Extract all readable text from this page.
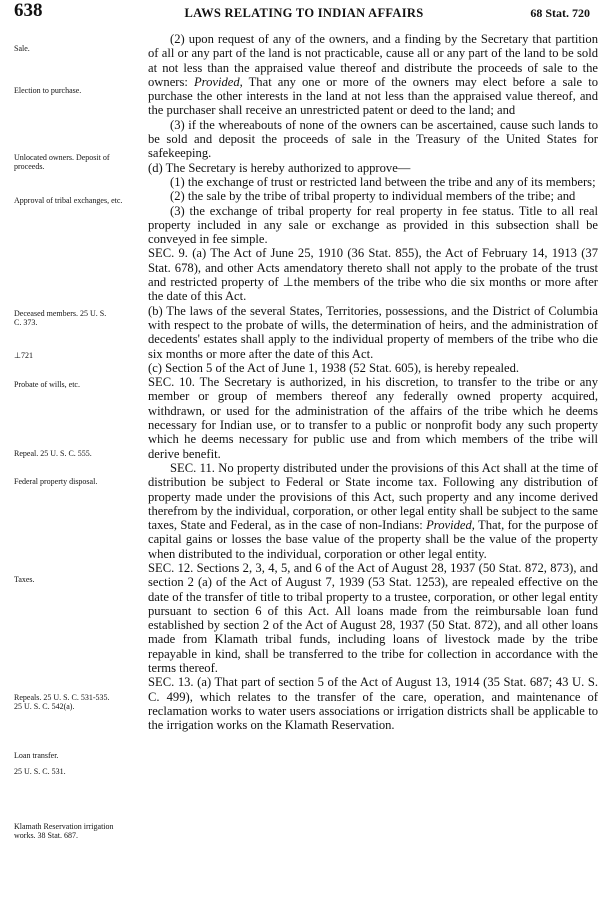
638	LAWS RELATING TO INDIAN AFFAIRS	68 Stat. 720
Sale.
Election to purchase.
Unlocated owners. Deposit of proceeds.
Approval of tribal exchanges, etc.
Deceased members. 25 U. S. C. 373.
⊥721
Probate of wills, etc.
Repeal. 25 U. S. C. 555.
Federal property disposal.
Taxes.
Repeals. 25 U. S. C. 531-535. 25 U. S. C. 542(a).
Loan transfer.
25 U. S. C. 531.
Klamath Reservation irrigation works. 38 Stat. 687.

(2) upon request of any of the owners, and a finding by the Secretary that partition of all or any part of the land is not practicable, cause all or any part of the land to be sold at not less than the appraised value thereof and distribute the proceeds of sale to the owners: Provided, That any one or more of the owners may elect before a sale to purchase the other interests in the land at not less than the appraised value thereof, and the purchaser shall receive an unrestricted patent or deed to the land; and

(3) if the whereabouts of none of the owners can be ascertained, cause such lands to be sold and deposit the proceeds of sale in the Treasury of the United States for safekeeping.

(d) The Secretary is hereby authorized to approve—

(1) the exchange of trust or restricted land between the tribe and any of its members;

(2) the sale by the tribe of tribal property to individual members of the tribe; and

(3) the exchange of tribal property for real property in fee status. Title to all real property included in any sale or exchange as provided in this subsection shall be conveyed in fee simple.

SEC. 9. (a) The Act of June 25, 1910 (36 Stat. 855), the Act of February 14, 1913 (37 Stat. 678), and other Acts amendatory thereto shall not apply to the probate of the trust and restricted property of ⊥the members of the tribe who die six months or more after the date of this Act.

(b) The laws of the several States, Territories, possessions, and the District of Columbia with respect to the probate of wills, the determination of heirs, and the administration of decedents' estates shall apply to the individual property of members of the tribe who die six months or more after the date of this Act.

(c) Section 5 of the Act of June 1, 1938 (52 Stat. 605), is hereby repealed.

SEC. 10. The Secretary is authorized, in his discretion, to transfer to the tribe or any member or group of members thereof any federally owned property acquired, withdrawn, or used for the administration of the affairs of the tribe which he deems necessary for Indian use, or to transfer to a public or nonprofit body any such property which he deems necessary for public use and from which members of the tribe will derive benefit.

SEC. 11. No property distributed under the provisions of this Act shall at the time of distribution be subject to Federal or State income tax. Following any distribution of property made under the provisions of this Act, such property and any income derived therefrom by the individual, corporation, or other legal entity shall be subject to the same taxes, State and Federal, as in the case of non-Indians: Provided, That, for the purpose of capital gains or losses the base value of the property shall be the value of the property when distributed to the individual, corporation or other legal entity.

SEC. 12. Sections 2, 3, 4, 5, and 6 of the Act of August 28, 1937 (50 Stat. 872, 873), and section 2 (a) of the Act of August 7, 1939 (53 Stat. 1253), are repealed effective on the date of the transfer of title to tribal property to a trustee, corporation, or other legal entity pursuant to section 6 of this Act. All loans made from the reimbursable loan fund established by section 2 of the Act of August 28, 1937 (50 Stat. 872), and all other loans made from Klamath tribal funds, including loans of livestock made by the tribe repayable in kind, shall be transferred to the tribe for collection in accordance with the terms thereof.

SEC. 13. (a) That part of section 5 of the Act of August 13, 1914 (35 Stat. 687; 43 U. S. C. 499), which relates to the transfer of the care, operation, and maintenance of reclamation works to water users associations or irrigation districts shall be applicable to the irrigation works on the Klamath Reservation.
